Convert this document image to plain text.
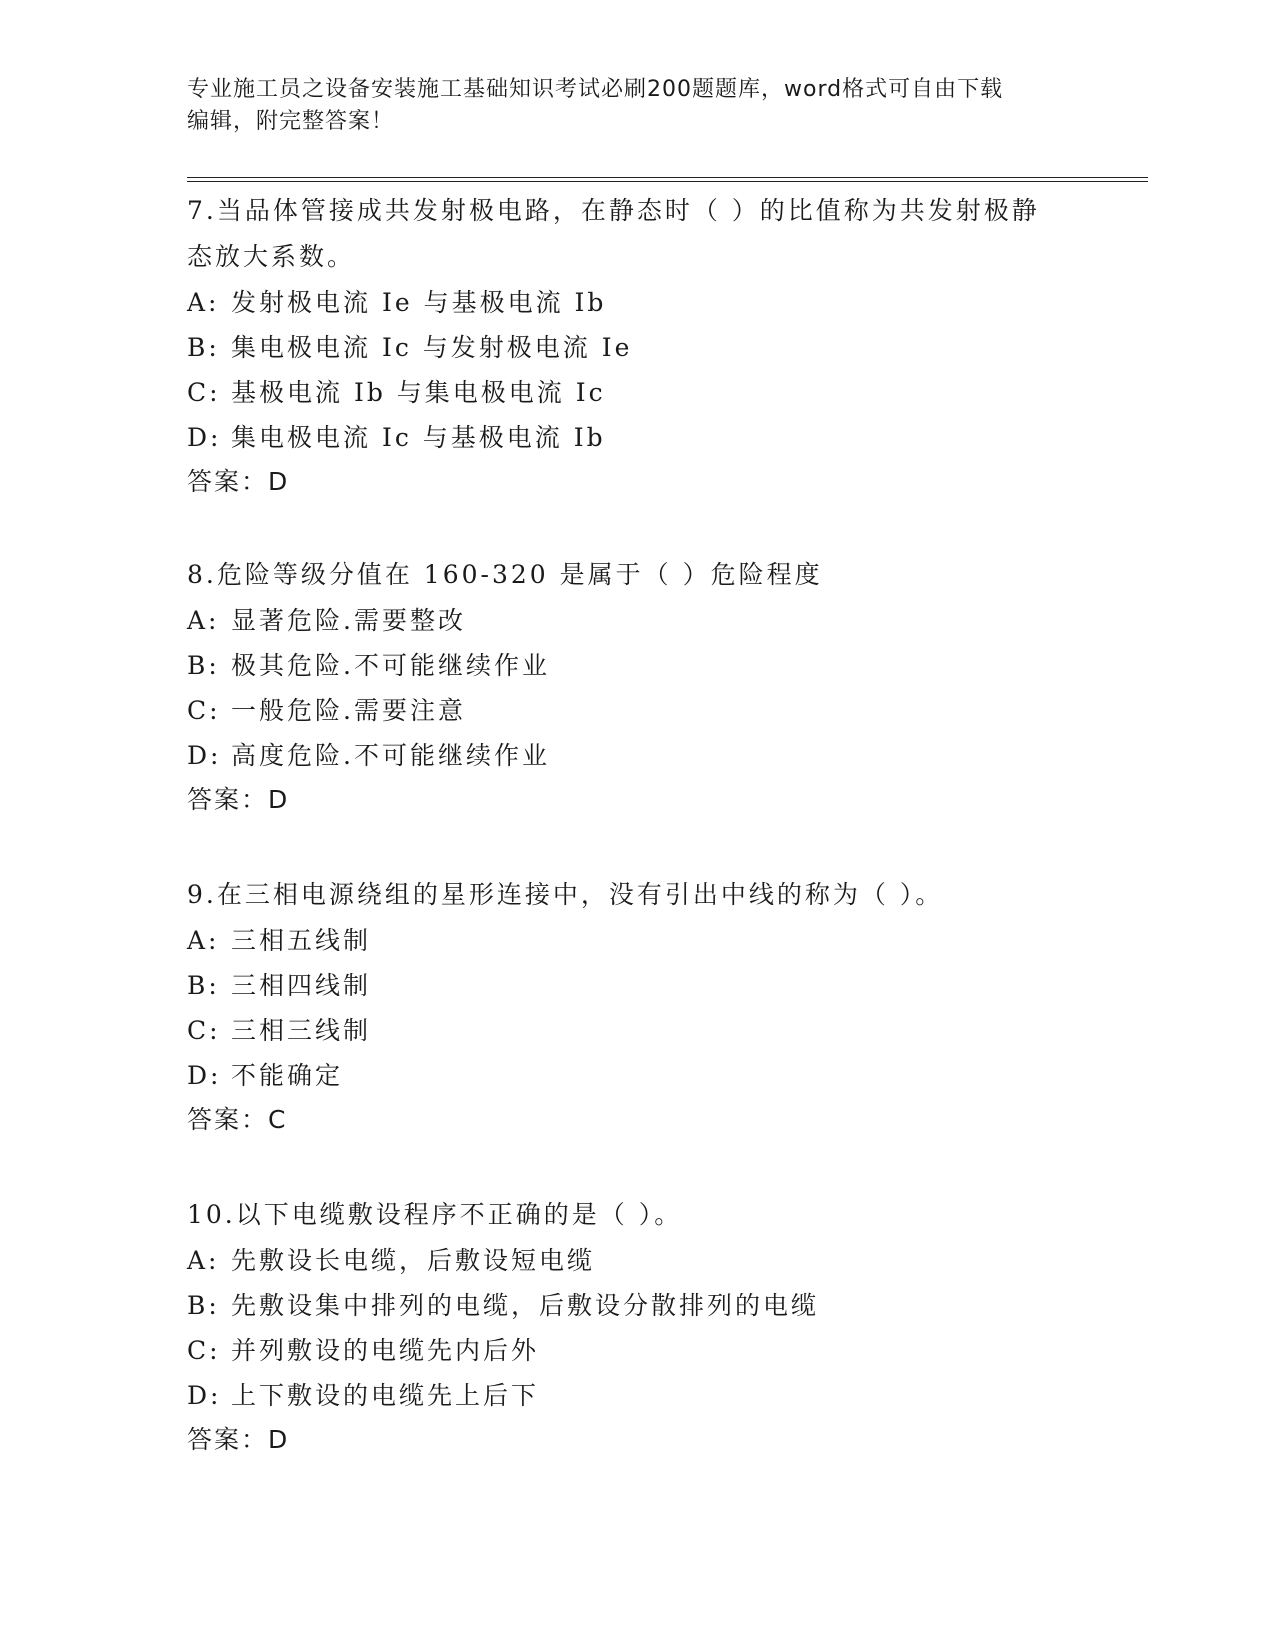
专业施工员之设备安装施工基础知识考试必刷200题题库，word格式可自由下载
编辑，附完整答案！
7.当品体管接成共发射极电路，在静态时（ ）的比值称为共发射极静
态放大系数。
A: 发射极电流 Ie 与基极电流 Ib
B: 集电极电流 Ic 与发射极电流 Ie
C: 基极电流 Ib 与集电极电流 Ic
D: 集电极电流 Ic 与基极电流 Ib
答案：D
8.危险等级分值在 160-320 是属于（ ）危险程度
A: 显著危险.需要整改
B: 极其危险.不可能继续作业
C: 一般危险.需要注意
D: 高度危险.不可能继续作业
答案：D
9.在三相电源绕组的星形连接中，没有引出中线的称为（ ）。
A: 三相五线制
B: 三相四线制
C: 三相三线制
D: 不能确定
答案：C
10.以下电缆敷设程序不正确的是（ ）。
A: 先敷设长电缆，后敷设短电缆
B: 先敷设集中排列的电缆，后敷设分散排列的电缆
C: 并列敷设的电缆先内后外
D: 上下敷设的电缆先上后下
答案：D
